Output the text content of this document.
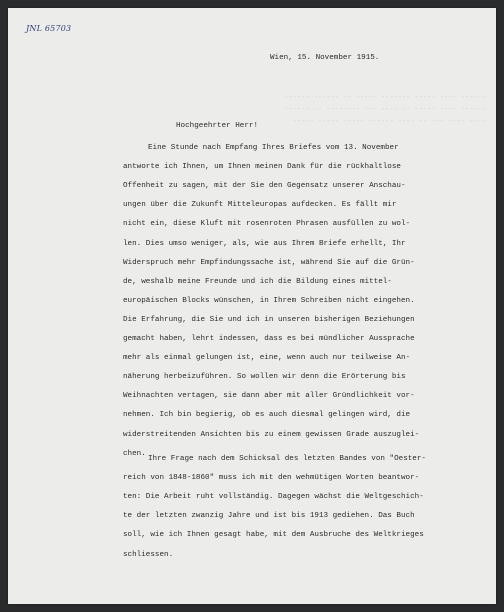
JNL 65703
------ ---- ----- ------- ----- -- ------ ------
------ ---- ----- -- ---- --- -------- -- ------
---- ---- --- -- ---- ------ ----- ----- -----
Wien, 15. November 1915.
Hochgeehrter Herr!
Eine Stunde nach Empfang Ihres Briefes vom 13. November
antworte ich Ihnen, um Ihnen meinen Dank für die rückhaltlose
Offenheit zu sagen, mit der Sie den Gegensatz unserer Anschau-
ungen über die Zukunft Mitteleuropas aufdecken. Es fällt mir
nicht ein, diese Kluft mit rosenroten Phrasen ausfüllen zu wol-
len. Dies umso weniger, als, wie aus Ihrem Briefe erhellt, Ihr
Widerspruch mehr Empfindungssache ist, während Sie auf die Grün-
de, weshalb meine Freunde und ich die Bildung eines mittel-
europäischen Blocks wünschen, in Ihrem Schreiben nicht eingehen.
Die Erfahrung, die Sie und ich in unseren bisherigen Beziehungen
gemacht haben, lehrt indessen, dass es bei mündlicher Aussprache
mehr als einmal gelungen ist, eine, wenn auch nur teilweise An-
näherung herbeizuführen. So wollen wir denn die Erörterung bis
Weihnachten vertagen, sie dann aber mit aller Gründlichkeit vor-
nehmen. Ich bin begierig, ob es auch diesmal gelingen wird, die
widerstreitenden Ansichten bis zu einem gewissen Grade auszuglei-
chen.
Ihre Frage nach dem Schicksal des letzten Bandes von "Oester-
reich von 1848-1860" muss ich mit den wehmütigen Worten beantwor-
ten: Die Arbeit ruht vollständig. Dagegen wächst die Weltgeschich-
te der letzten zwanzig Jahre und ist bis 1913 gediehen. Das Buch
soll, wie ich Ihnen gesagt habe, mit dem Ausbruche des Weltkrieges
schliessen.
